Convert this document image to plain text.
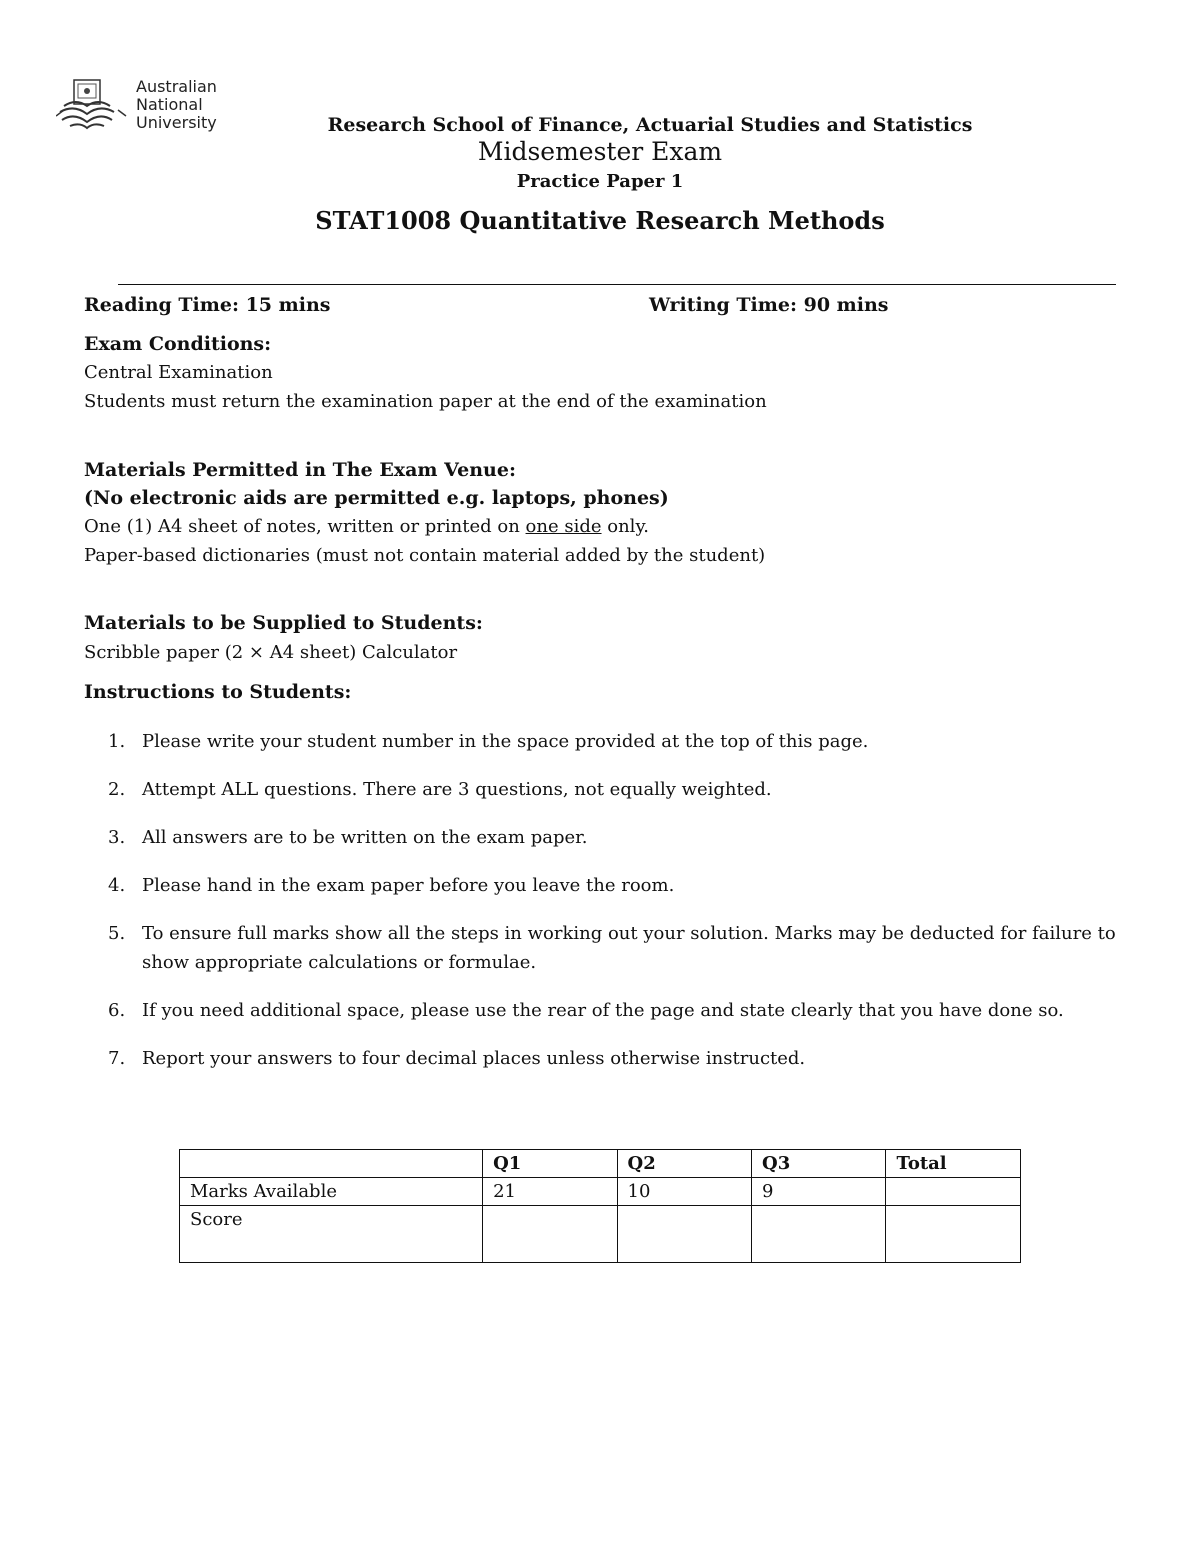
Australian
National
University	Research School of Finance, Actuarial Studies and Statistics
Midsemester Exam
Practice Paper 1
STAT1008 Quantitative Research Methods
Reading Time: 15 mins	Writing Time: 90 mins
Exam Conditions:
Central Examination
Students must return the examination paper at the end of the examination
Materials Permitted in The Exam Venue:
(No electronic aids are permitted e.g. laptops, phones)
One (1) A4 sheet of notes, written or printed on one side only.
Paper-based dictionaries (must not contain material added by the student)
Materials to be Supplied to Students:
Scribble paper (2 × A4 sheet) Calculator
Instructions to Students:
1. Please write your student number in the space provided at the top of this page.
2. Attempt ALL questions. There are 3 questions, not equally weighted.
3. All answers are to be written on the exam paper.
4. Please hand in the exam paper before you leave the room.
5. To ensure full marks show all the steps in working out your solution. Marks may be deducted for failure to show appropriate calculations or formulae.
6. If you need additional space, please use the rear of the page and state clearly that you have done so.
7. Report your answers to four decimal places unless otherwise instructed.
	Q1	Q2	Q3	Total
Marks Available	21	10	9	
Score				
